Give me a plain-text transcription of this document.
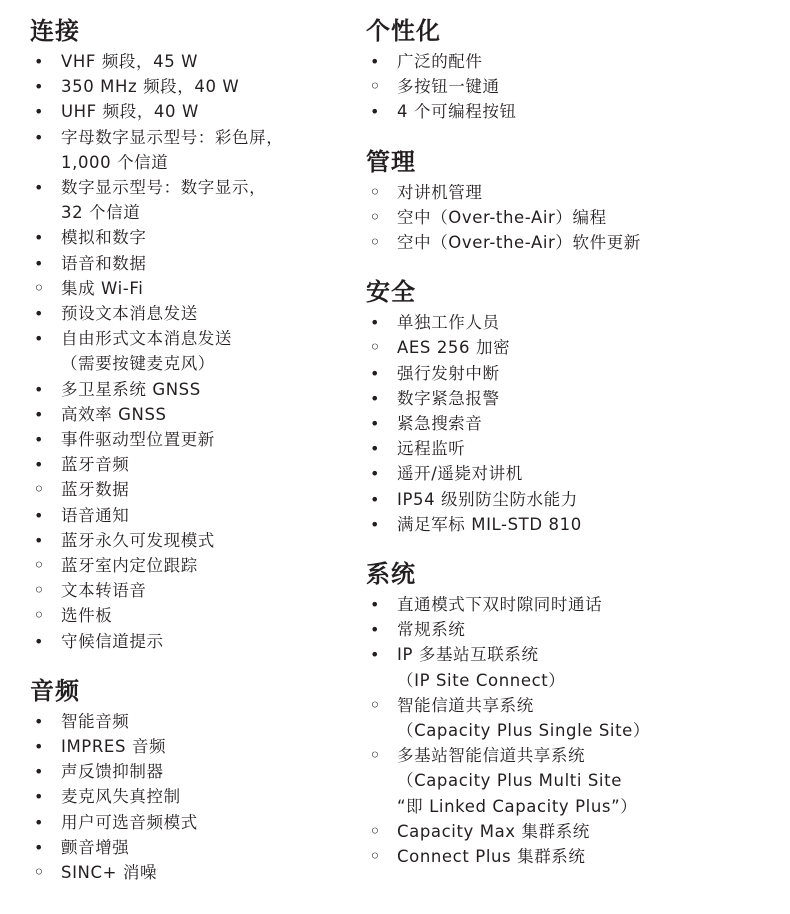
连接
•
VHF 频段，45 W
•
350 MHz 频段，40 W
•
UHF 频段，40 W
•
字母数字显示型号：彩色屏，
1,000 个信道
•
数字显示型号：数字显示，
32 个信道
•
模拟和数字
•
语音和数据
◦
集成 Wi-Fi
•
预设文本消息发送
•
自由形式文本消息发送
（需要按键麦克风）
•
多卫星系统 GNSS
•
高效率 GNSS
•
事件驱动型位置更新
•
蓝牙音频
◦
蓝牙数据
•
语音通知
•
蓝牙永久可发现模式
◦
蓝牙室内定位跟踪
◦
文本转语音
◦
选件板
•
守候信道提示
音频
•
智能音频
•
IMPRES 音频
•
声反馈抑制器
•
麦克风失真控制
•
用户可选音频模式
•
颤音增强
◦
SINC+ 消噪
个性化
•
广泛的配件
◦
多按钮一键通
•
4 个可编程按钮
管理
◦
对讲机管理
◦
空中（Over-the-Air）编程
◦
空中（Over-the-Air）软件更新
安全
•
单独工作人员
◦
AES 256 加密
•
强行发射中断
•
数字紧急报警
•
紧急搜索音
•
远程监听
•
遥开/遥毙对讲机
•
IP54 级别防尘防水能力
•
满足军标 MIL-STD 810
系统
•
直通模式下双时隙同时通话
•
常规系统
•
IP 多基站互联系统
（IP Site Connect）
◦
智能信道共享系统
（Capacity Plus Single Site）
◦
多基站智能信道共享系统
（Capacity Plus Multi Site
“即 Linked Capacity Plus”）
◦
Capacity Max 集群系统
◦
Connect Plus 集群系统
